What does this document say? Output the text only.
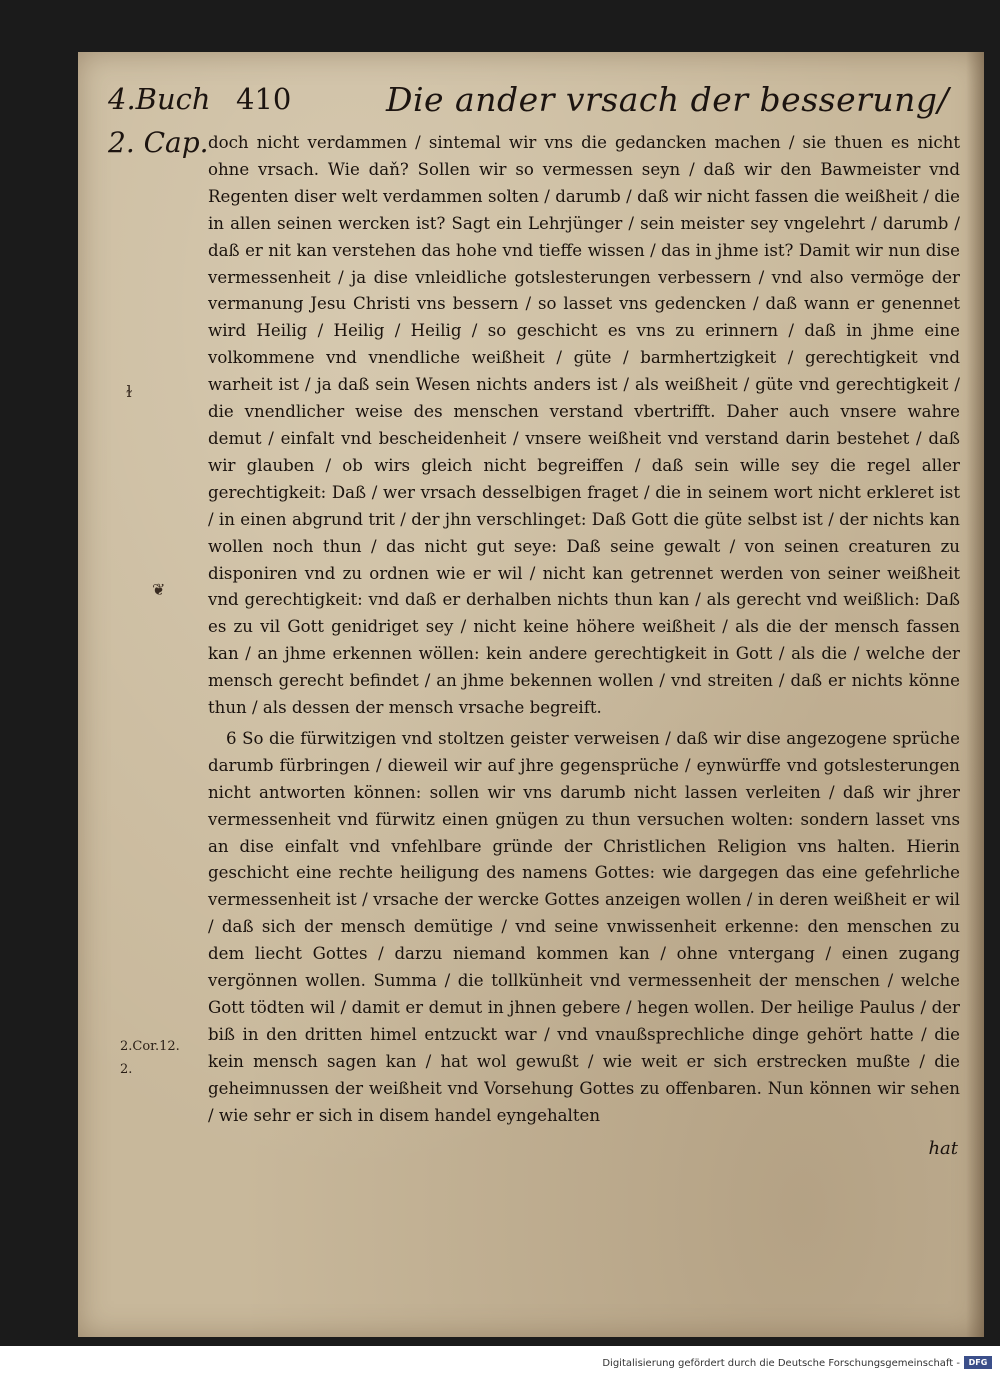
4.Buch 410	Die ander vrsach der besserung/
2. Cap.
ɫ
❦
2.Cor.12.
2.

doch nicht verdammen / sintemal wir vns die gedancken machen / sie thuen es nicht ohne vrsach. Wie daň? Sollen wir so vermessen seyn / daß wir den Bawmeister vnd Regenten diser welt verdammen solten / darumb / daß wir nicht fassen die weißheit / die in allen seinen wercken ist? Sagt ein Lehrjünger / sein meister sey vngelehrt / darumb / daß er nit kan verstehen das hohe vnd tieffe wissen / das in jhme ist? Damit wir nun dise vermessenheit / ja dise vnleidliche gotslesterungen verbessern / vnd also vermöge der vermanung Jesu Christi vns bessern / so lasset vns gedencken / daß wann er genennet wird Heilig / Heilig / Heilig / so geschicht es vns zu erinnern / daß in jhme eine volkommene vnd vnendliche weißheit / güte / barmhertzigkeit / gerechtigkeit vnd warheit ist / ja daß sein Wesen nichts anders ist / als weißheit / güte vnd gerechtigkeit / die vnendlicher weise des menschen verstand vbertrifft. Daher auch vnsere wahre demut / einfalt vnd bescheidenheit / vnsere weißheit vnd verstand darin bestehet / daß wir glauben / ob wirs gleich nicht begreiffen / daß sein wille sey die regel aller gerechtigkeit: Daß / wer vrsach desselbigen fraget / die in seinem wort nicht erkleret ist / in einen abgrund trit / der jhn verschlinget: Daß Gott die güte selbst ist / der nichts kan wollen noch thun / das nicht gut seye: Daß seine gewalt / von seinen creaturen zu disponiren vnd zu ordnen wie er wil / nicht kan getrennet werden von seiner weißheit vnd gerechtigkeit: vnd daß er derhalben nichts thun kan / als gerecht vnd weißlich: Daß es zu vil Gott genidriget sey / nicht keine höhere weißheit / als die der mensch fassen kan / an jhme erkennen wöllen: kein andere gerechtigkeit in Gott / als die / welche der mensch gerecht befindet / an jhme bekennen wollen / vnd streiten / daß er nichts könne thun / als dessen der mensch vrsache begreift.

6 So die fürwitzigen vnd stoltzen geister verweisen / daß wir dise angezogene sprüche darumb fürbringen / dieweil wir auf jhre gegensprüche / eynwürffe vnd gotslesterungen nicht antworten können: sollen wir vns darumb nicht lassen verleiten / daß wir jhrer vermessenheit vnd fürwitz einen gnügen zu thun versuchen wolten: sondern lasset vns an dise einfalt vnd vnfehlbare gründe der Christlichen Religion vns halten. Hierin geschicht eine rechte heiligung des namens Gottes: wie dargegen das eine gefehrliche vermessenheit ist / vrsache der wercke Gottes anzeigen wollen / in deren weißheit er wil / daß sich der mensch demütige / vnd seine vnwissenheit erkenne: den menschen zu dem liecht Gottes / darzu niemand kommen kan / ohne vntergang / einen zugang vergönnen wollen. Summa / die tollkünheit vnd vermessenheit der menschen / welche Gott tödten wil / damit er demut in jhnen gebere / hegen wollen. Der heilige Paulus / der biß in den dritten himel entzuckt war / vnd vnaußsprechliche dinge gehört hatte / die kein mensch sagen kan / hat wol gewußt / wie weit er sich erstrecken mußte / die geheimnussen der weißheit vnd Vorsehung Gottes zu offenbaren. Nun können wir sehen / wie sehr er sich in disem handel eyngehalten

hat
Digitalisierung gefördert durch die Deutsche Forschungsgemeinschaft -	DFG
